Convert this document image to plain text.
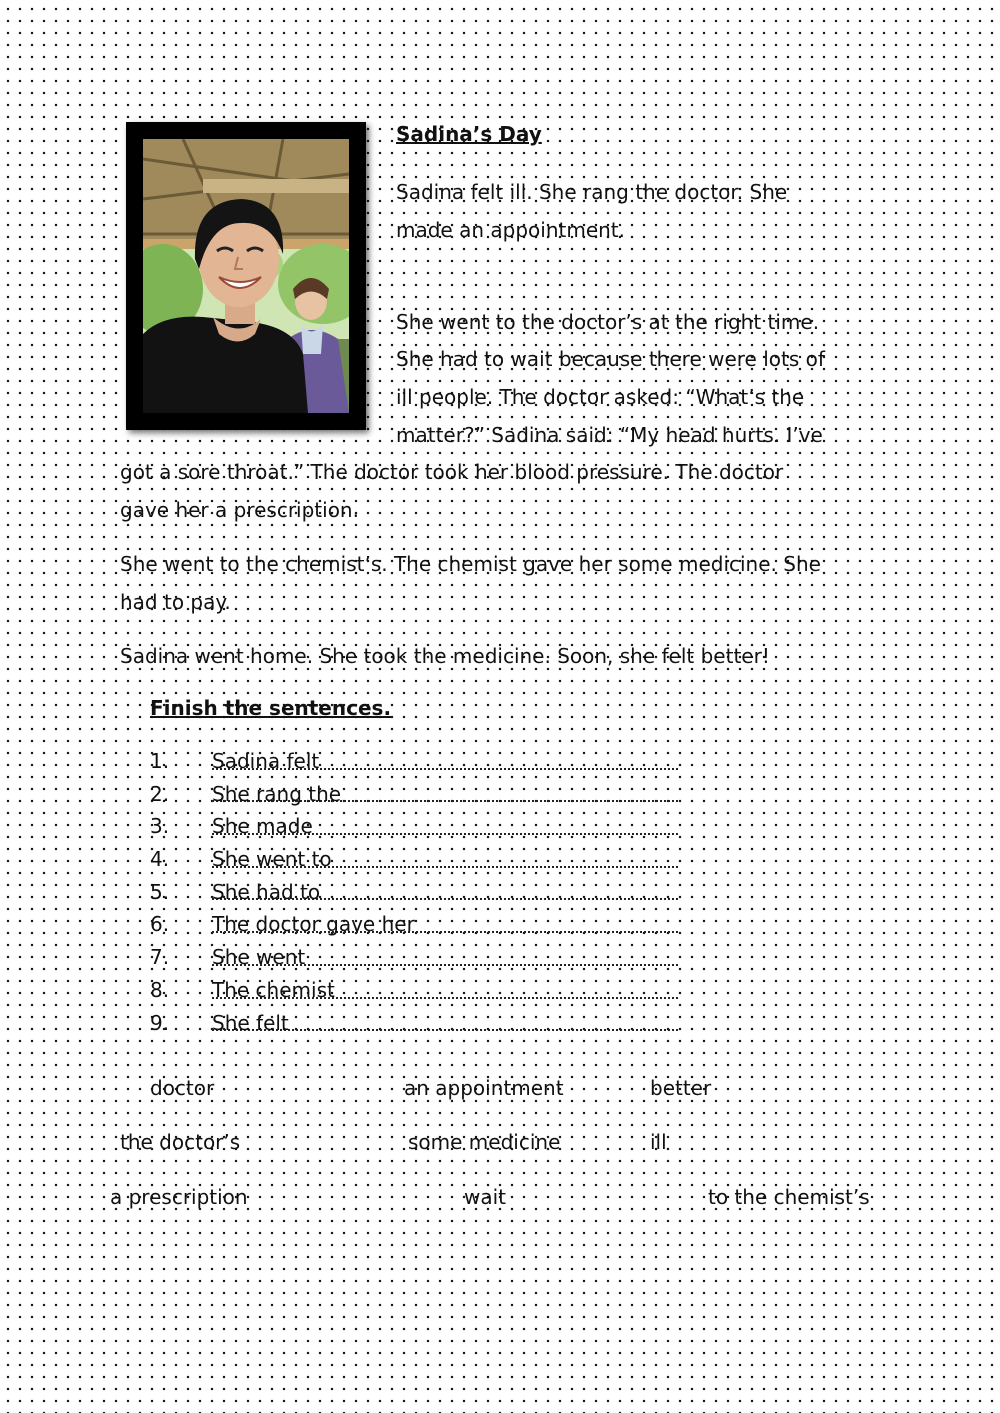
Sadina’s Day

Sadina felt ill. She rang the doctor. She

made an appointment.

She went to the doctor’s at the right time.

She had to wait because there were lots of

ill people. The doctor asked: “What’s the

matter?” Sadina said: “My head hurts. I’ve

got a sore throat.” The doctor took her blood pressure. The doctor

gave her a prescription.

She went to the chemist’s. The chemist gave her some medicine. She

had to pay.

Sadina went home. She took the medicine. Soon, she felt better!

Finish the sentences.
1.	Sadina felt
2.	She rang the
3.	She made
4.	She went to
5.	She had to
6.	The doctor gave her
7.	She went
8.	The chemist
9.	She felt
doctor	an appointment	better
the doctor’s	some medicine	ill
a prescription	wait	to the chemist’s
